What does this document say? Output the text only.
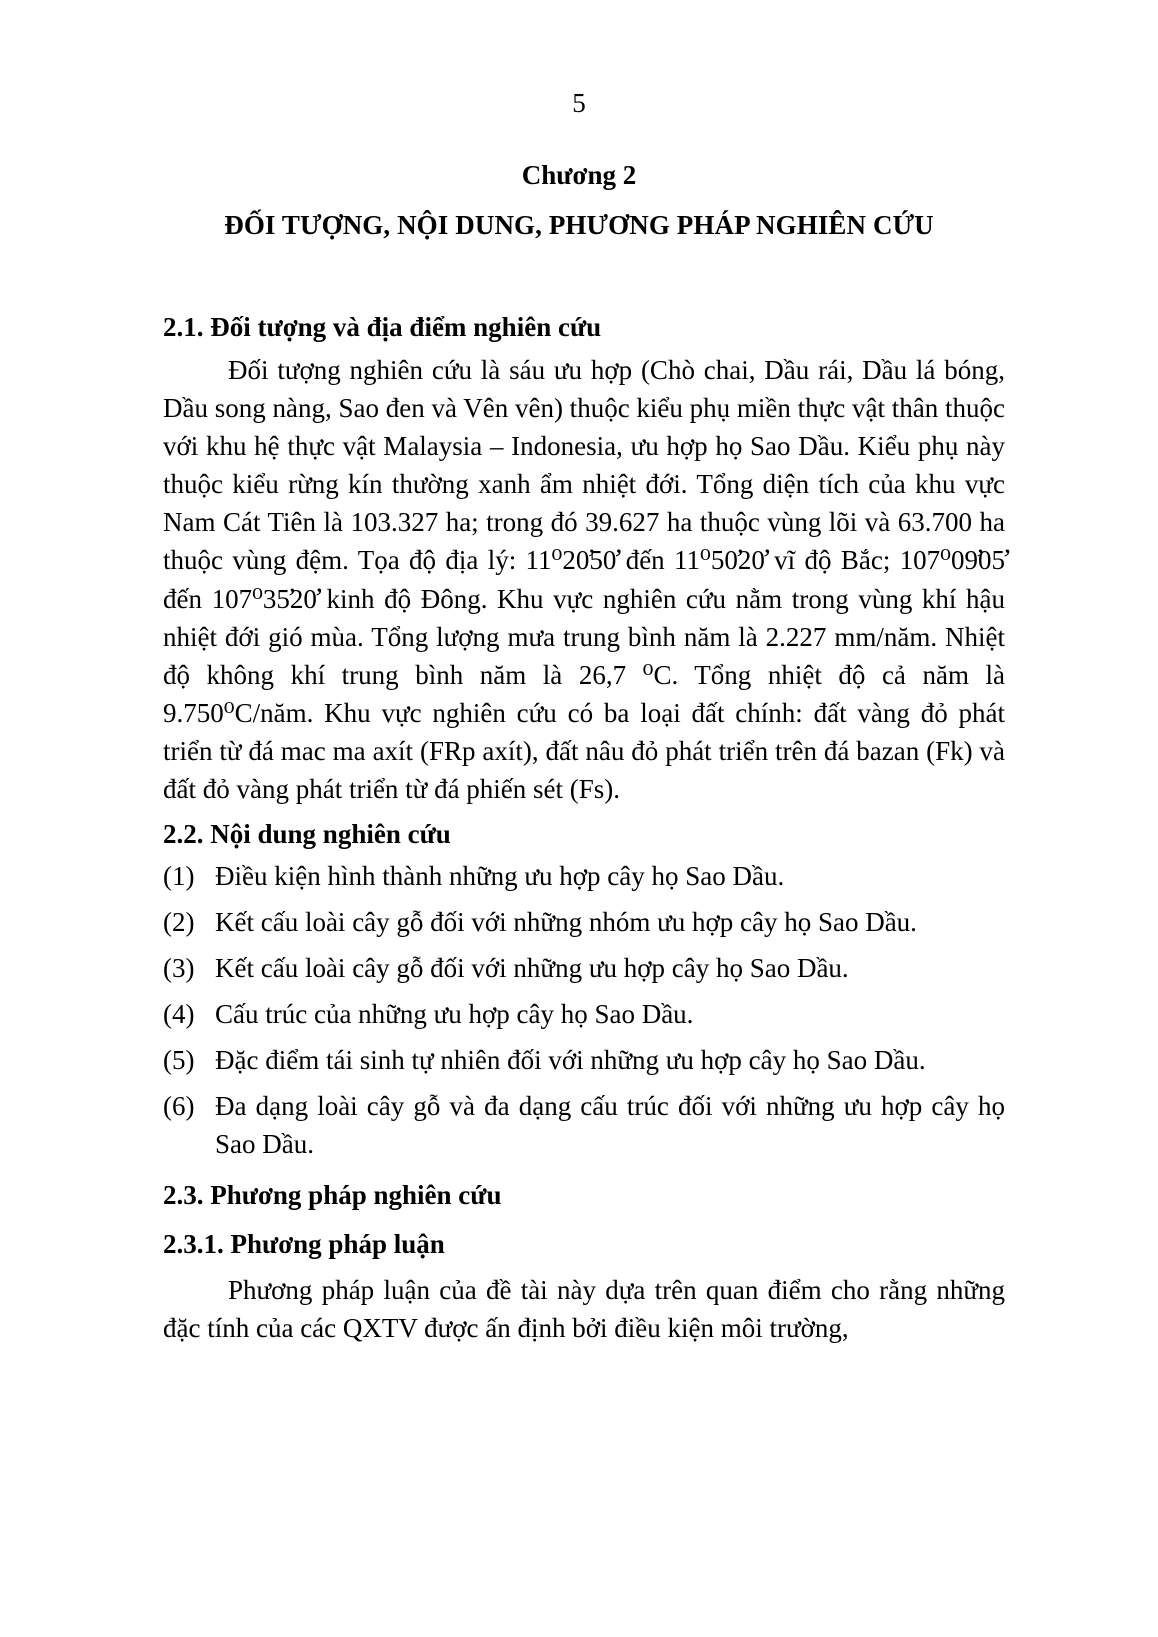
5
Chương 2
ĐỐI TƯỢNG, NỘI DUNG, PHƯƠNG PHÁP NGHIÊN CỨU
2.1. Đối tượng và địa điểm nghiên cứu

Đối tượng nghiên cứu là sáu ưu hợp (Chò chai, Dầu rái, Dầu lá bóng, Dầu song nàng, Sao đen và Vên vên) thuộc kiểu phụ miền thực vật thân thuộc với khu hệ thực vật Malaysia – Indonesia, ưu hợp họ Sao Dầu. Kiểu phụ này thuộc kiểu rừng kín thường xanh ẩm nhiệt đới. Tổng diện tích của khu vực Nam Cát Tiên là 103.327 ha; trong đó 39.627 ha thuộc vùng lõi và 63.700 ha thuộc vùng đệm. Tọa độ địa lý: 11⁰20̛50̛̛ đến 11⁰50̛20̛̛ vĩ độ Bắc; 107⁰09̛05̛̛ đến 107⁰35̛20̛̛ kinh độ Đông. Khu vực nghiên cứu nằm trong vùng khí hậu nhiệt đới gió mùa. Tổng lượng mưa trung bình năm là 2.227 mm/năm. Nhiệt độ không khí trung bình năm là 26,7 ⁰C. Tổng nhiệt độ cả năm là 9.750⁰C/năm. Khu vực nghiên cứu có ba loại đất chính: đất vàng đỏ phát triển từ đá mac ma axít (FRp axít), đất nâu đỏ phát triển trên đá bazan (Fk) và đất đỏ vàng phát triển từ đá phiến sét (Fs).

2.2. Nội dung nghiên cứu
(1) Điều kiện hình thành những ưu hợp cây họ Sao Dầu.
(2) Kết cấu loài cây gỗ đối với những nhóm ưu hợp cây họ Sao Dầu.
(3) Kết cấu loài cây gỗ đối với những ưu hợp cây họ Sao Dầu.
(4) Cấu trúc của những ưu hợp cây họ Sao Dầu.
(5) Đặc điểm tái sinh tự nhiên đối với những ưu hợp cây họ Sao Dầu.
(6) Đa dạng loài cây gỗ và đa dạng cấu trúc đối với những ưu hợp cây họ Sao Dầu.
2.3. Phương pháp nghiên cứu
2.3.1. Phương pháp luận

Phương pháp luận của đề tài này dựa trên quan điểm cho rằng những đặc tính của các QXTV được ấn định bởi điều kiện môi trường,
